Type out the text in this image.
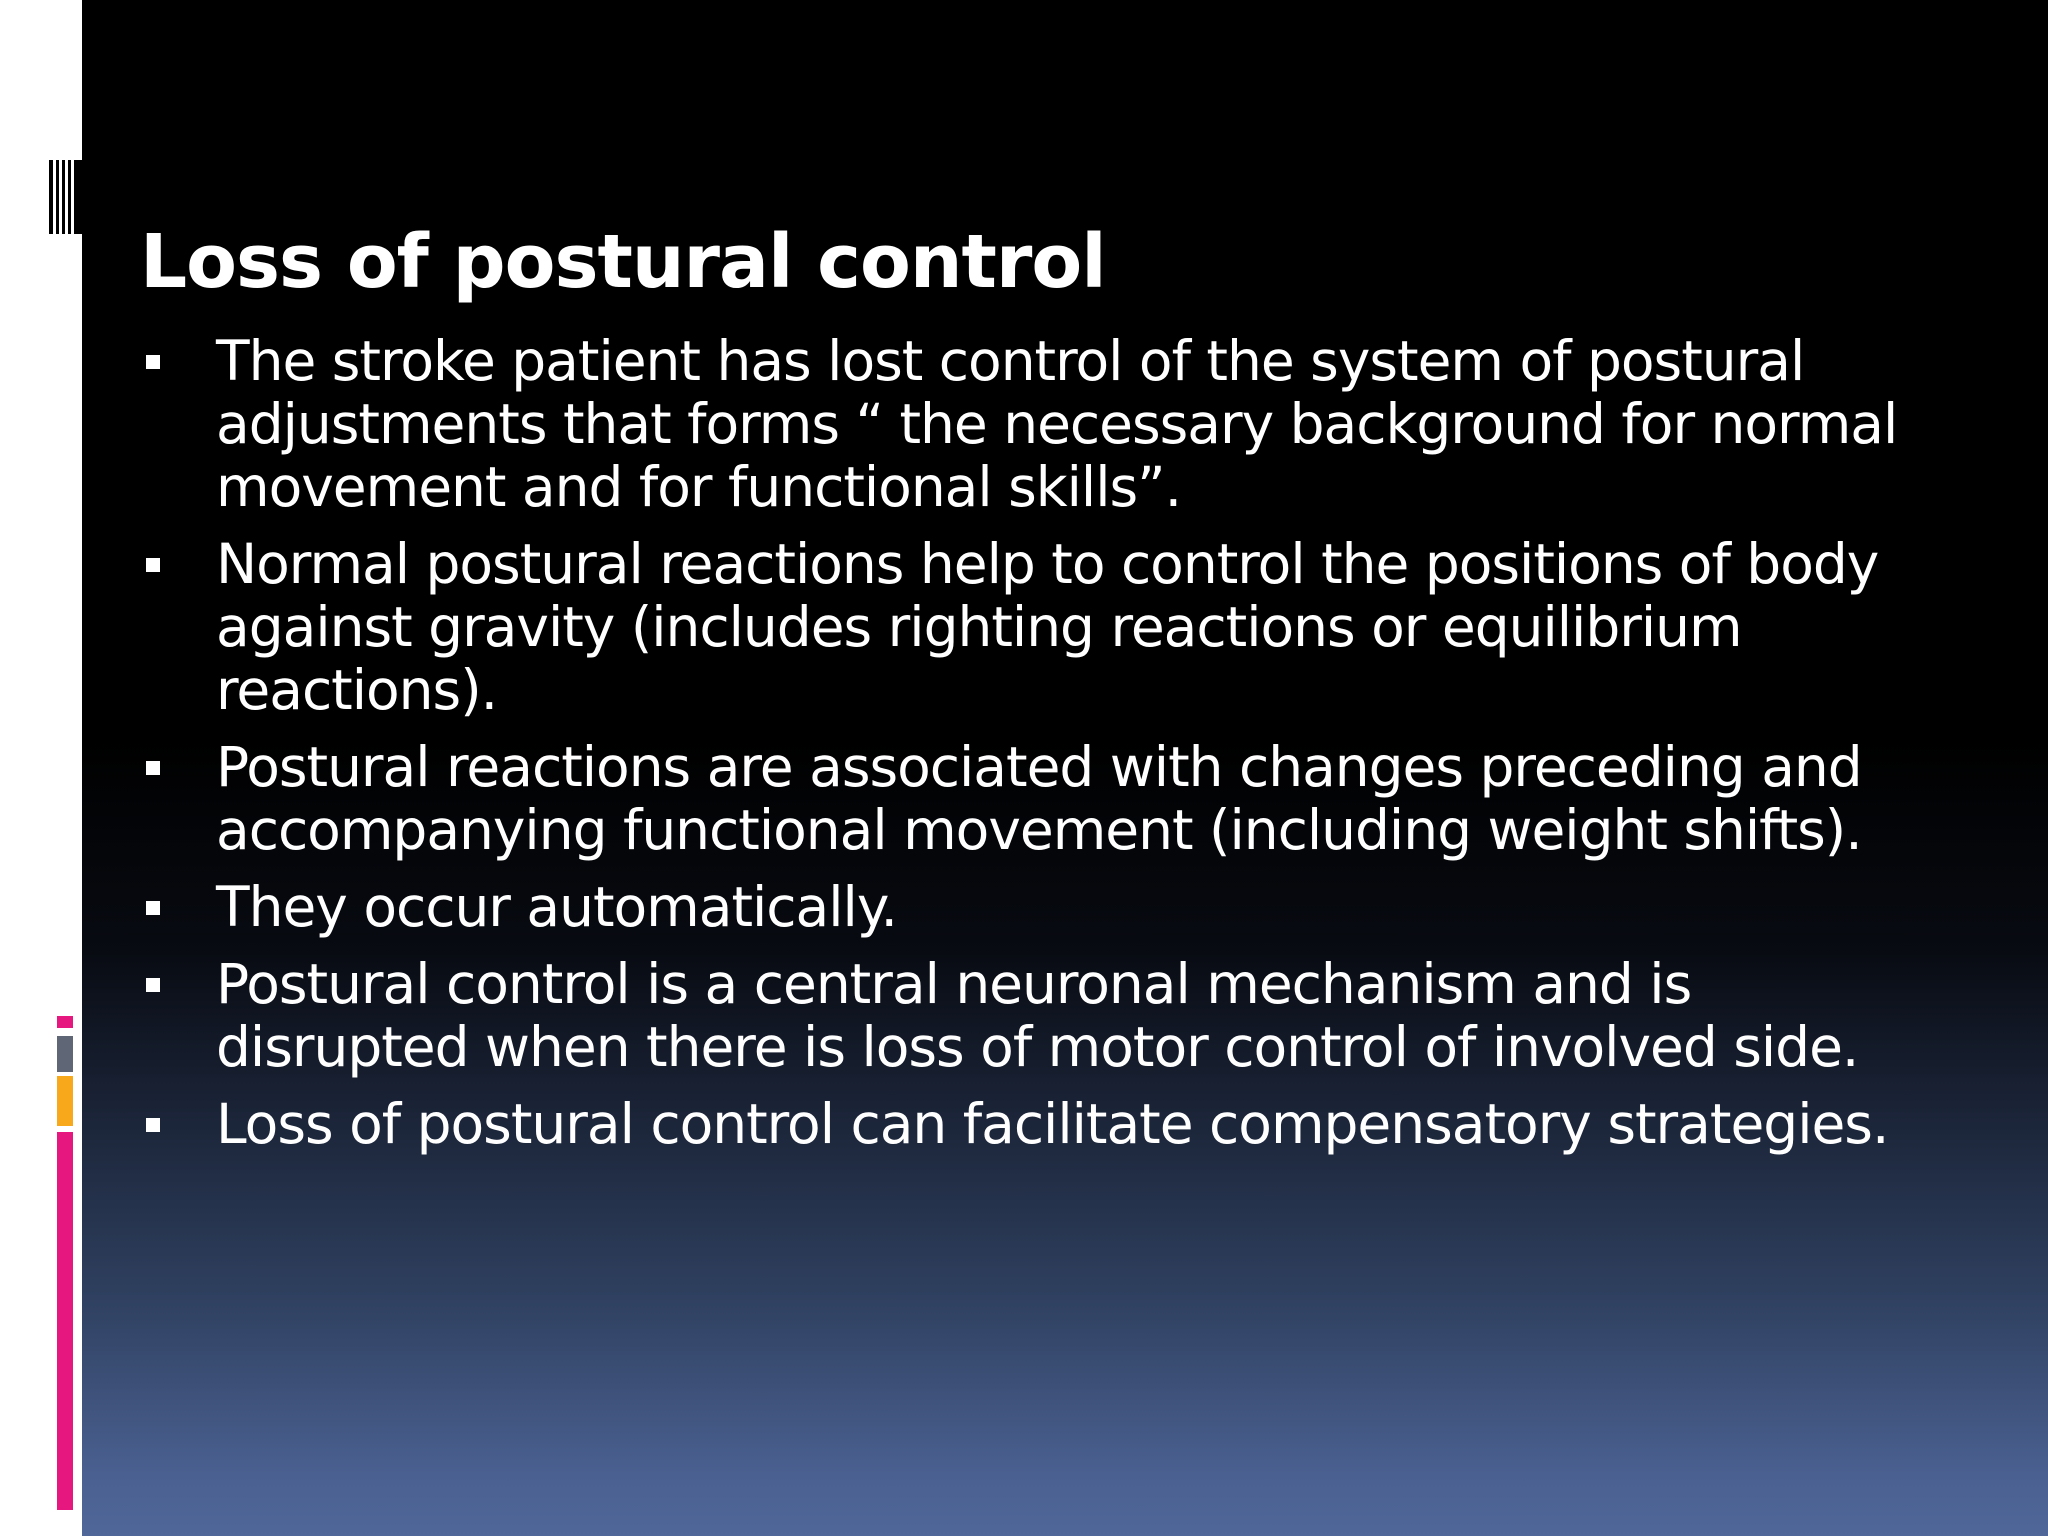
Loss of postural control
The stroke patient has lost control of the system of postural adjustments that forms “ the necessary background for normal movement and for functional skills”.
Normal postural reactions help to control the positions of body against gravity (includes righting reactions or equilibrium reactions).
Postural reactions are associated with changes preceding and accompanying functional movement (including weight shifts).
They occur automatically.
Postural control is a central neuronal mechanism and is disrupted when there is loss of motor control of involved side.
Loss of postural control can facilitate compensatory strategies.
